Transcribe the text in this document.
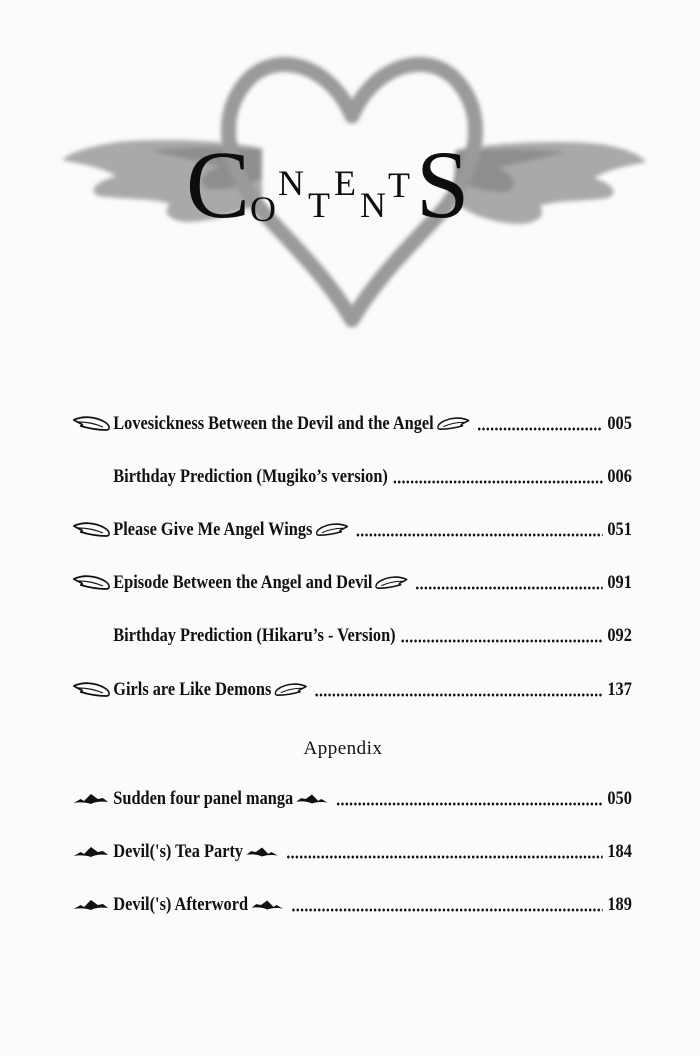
C O
N
T
E
N T S
Lovesickness Between the Devil and the Angel	005
Birthday Prediction (Mugiko’s version)	006
Please Give Me Angel Wings	051
Episode Between the Angel and Devil	091
Birthday Prediction (Hikaru’s - Version)	092
Girls are Like Demons	137
Appendix
Sudden four panel manga	050
Devil('s) Tea Party	184
Devil('s) Afterword	189
